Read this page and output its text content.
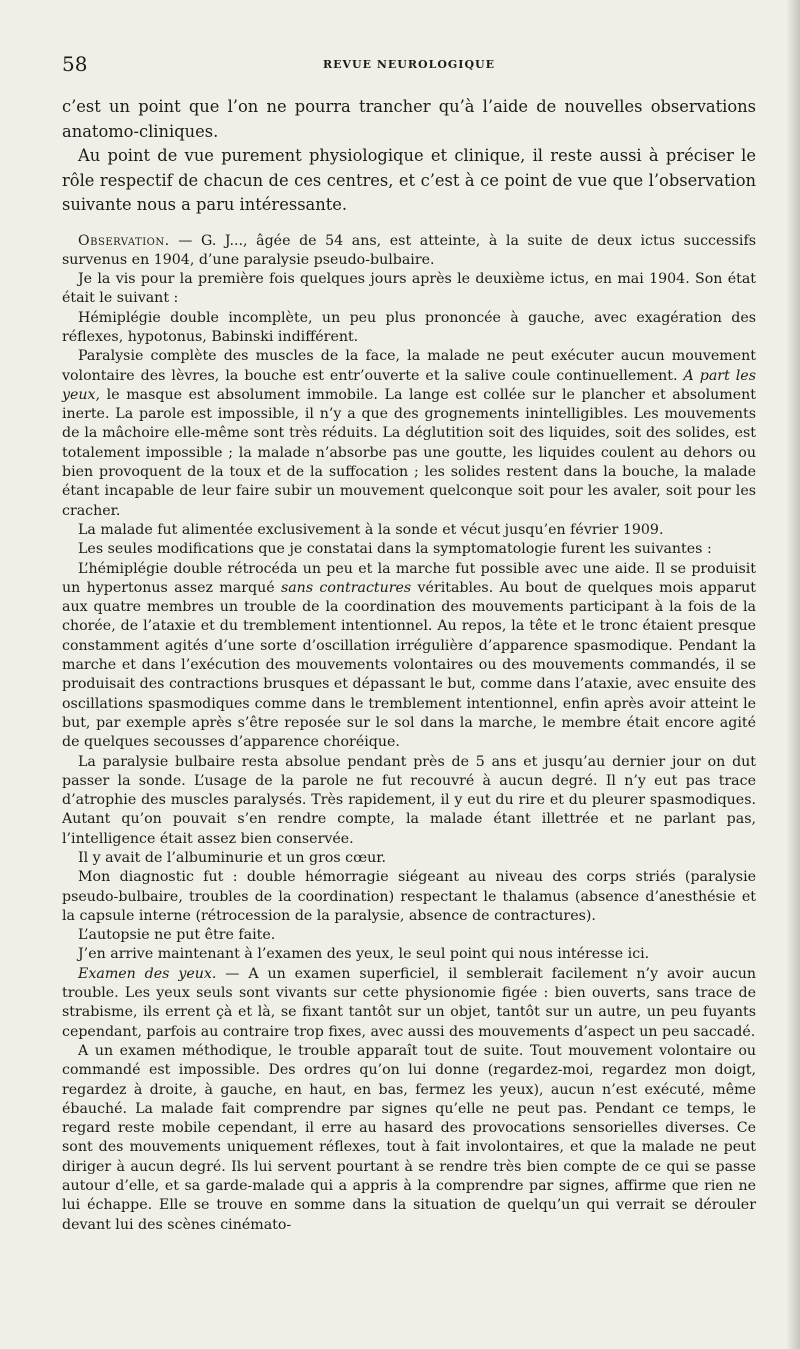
58	REVUE NEUROLOGIQUE

c’est un point que l’on ne pourra trancher qu’à l’aide de nouvelles observations anatomo-cliniques.

Au point de vue purement physiologique et clinique, il reste aussi à préciser le rôle respectif de chacun de ces centres, et c’est à ce point de vue que l’observation suivante nous a paru intéressante.

Observation. — G. J..., âgée de 54 ans, est atteinte, à la suite de deux ictus successifs survenus en 1904, d’une paralysie pseudo-bulbaire.

Je la vis pour la première fois quelques jours après le deuxième ictus, en mai 1904. Son état était le suivant :

Hémiplégie double incomplète, un peu plus prononcée à gauche, avec exagération des réflexes, hypotonus, Babinski indifférent.

Paralysie complète des muscles de la face, la malade ne peut exécuter aucun mouvement volontaire des lèvres, la bouche est entr’ouverte et la salive coule continuellement. A part les yeux, le masque est absolument immobile. La lange est collée sur le plancher et absolument inerte. La parole est impossible, il n’y a que des grognements inintelligibles. Les mouvements de la mâchoire elle-même sont très réduits. La déglutition soit des liquides, soit des solides, est totalement impossible ; la malade n’absorbe pas une goutte, les liquides coulent au dehors ou bien provoquent de la toux et de la suffocation ; les solides restent dans la bouche, la malade étant incapable de leur faire subir un mouvement quelconque soit pour les avaler, soit pour les cracher.

La malade fut alimentée exclusivement à la sonde et vécut jusqu’en février 1909.

Les seules modifications que je constatai dans la symptomatologie furent les suivantes :

L’hémiplégie double rétrocéda un peu et la marche fut possible avec une aide. Il se produisit un hypertonus assez marqué sans contractures véritables. Au bout de quelques mois apparut aux quatre membres un trouble de la coordination des mouvements participant à la fois de la chorée, de l’ataxie et du tremblement intentionnel. Au repos, la tête et le tronc étaient presque constamment agités d’une sorte d’oscillation irrégulière d’apparence spasmodique. Pendant la marche et dans l’exécution des mouvements volontaires ou des mouvements commandés, il se produisait des contractions brusques et dépassant le but, comme dans l’ataxie, avec ensuite des oscillations spasmodiques comme dans le tremblement intentionnel, enfin après avoir atteint le but, par exemple après s’être reposée sur le sol dans la marche, le membre était encore agité de quelques secousses d’apparence choréique.

La paralysie bulbaire resta absolue pendant près de 5 ans et jusqu’au dernier jour on dut passer la sonde. L’usage de la parole ne fut recouvré à aucun degré. Il n’y eut pas trace d’atrophie des muscles paralysés. Très rapidement, il y eut du rire et du pleurer spasmodiques. Autant qu’on pouvait s’en rendre compte, la malade étant illettrée et ne parlant pas, l’intelligence était assez bien conservée.

Il y avait de l’albuminurie et un gros cœur.

Mon diagnostic fut : double hémorragie siégeant au niveau des corps striés (paralysie pseudo-bulbaire, troubles de la coordination) respectant le thalamus (absence d’anesthésie et la capsule interne (rétrocession de la paralysie, absence de contractures).

L’autopsie ne put être faite.

J’en arrive maintenant à l’examen des yeux, le seul point qui nous intéresse ici.

Examen des yeux. — A un examen superficiel, il semblerait facilement n’y avoir aucun trouble. Les yeux seuls sont vivants sur cette physionomie figée : bien ouverts, sans trace de strabisme, ils errent çà et là, se fixant tantôt sur un objet, tantôt sur un autre, un peu fuyants cependant, parfois au contraire trop fixes, avec aussi des mouvements d’aspect un peu saccadé.

A un examen méthodique, le trouble apparaît tout de suite. Tout mouvement volontaire ou commandé est impossible. Des ordres qu’on lui donne (regardez-moi, regardez mon doigt, regardez à droite, à gauche, en haut, en bas, fermez les yeux), aucun n’est exécuté, même ébauché. La malade fait comprendre par signes qu’elle ne peut pas. Pendant ce temps, le regard reste mobile cependant, il erre au hasard des provocations sensorielles diverses. Ce sont des mouvements uniquement réflexes, tout à fait involontaires, et que la malade ne peut diriger à aucun degré. Ils lui servent pourtant à se rendre très bien compte de ce qui se passe autour d’elle, et sa garde-malade qui a appris à la comprendre par signes, affirme que rien ne lui échappe. Elle se trouve en somme dans la situation de quelqu’un qui verrait se dérouler devant lui des scènes cinémato-
